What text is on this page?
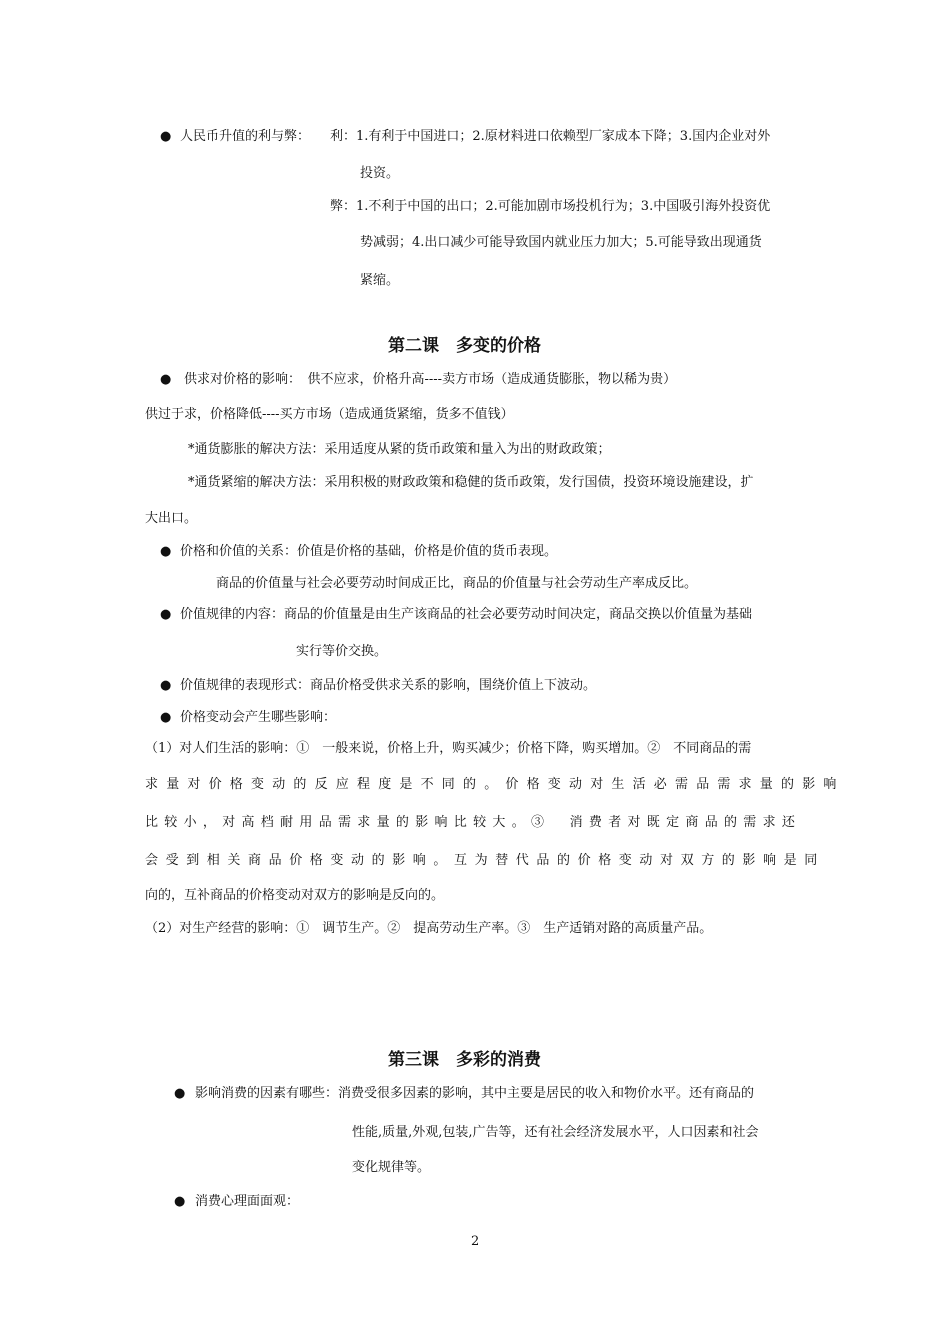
● 人民币升值的利与弊： 利：1.有利于中国进口；2.原材料进口依赖型厂家成本下降；3.国内企业对外
投资。
弊：1.不利于中国的出口；2.可能加剧市场投机行为；3.中国吸引海外投资优
势减弱；4.出口减少可能导致国内就业压力加大；5.可能导致出现通货
紧缩。
第二课　多变的价格
● 供求对价格的影响：　供不应求，价格升高----卖方市场（造成通货膨胀，物以稀为贵）
供过于求，价格降低----买方市场（造成通货紧缩，货多不值钱）
*通货膨胀的解决方法：采用适度从紧的货币政策和量入为出的财政政策；
*通货紧缩的解决方法：采用积极的财政政策和稳健的货币政策，发行国债，投资环境设施建设，扩
大出口。
● 价格和价值的关系：价值是价格的基础，价格是价值的货币表现。
商品的价值量与社会必要劳动时间成正比，商品的价值量与社会劳动生产率成反比。
● 价值规律的内容：商品的价值量是由生产该商品的社会必要劳动时间决定，商品交换以价值量为基础
实行等价交换。
● 价值规律的表现形式：商品价格受供求关系的影响，围绕价值上下波动。
● 价格变动会产生哪些影响：
（1）对人们生活的影响：①　一般来说，价格上升，购买减少；价格下降，购买增加。②　不同商品的需
求量对价格变动的反应程度是不同的。价格变动对生活必需品需求量的影响
比较小，对高档耐用品需求量的影响比较大。③　消费者对既定商品的需求还
会受到相关商品价格变动的影响。互为替代品的价格变动对双方的影响是同
向的，互补商品的价格变动对双方的影响是反向的。
（2）对生产经营的影响：①　调节生产。②　提高劳动生产率。③　生产适销对路的高质量产品。
第三课　多彩的消费
● 影响消费的因素有哪些：消费受很多因素的影响，其中主要是居民的收入和物价水平。还有商品的
性能,质量,外观,包装,广告等，还有社会经济发展水平，人口因素和社会
变化规律等。
● 消费心理面面观：
2
